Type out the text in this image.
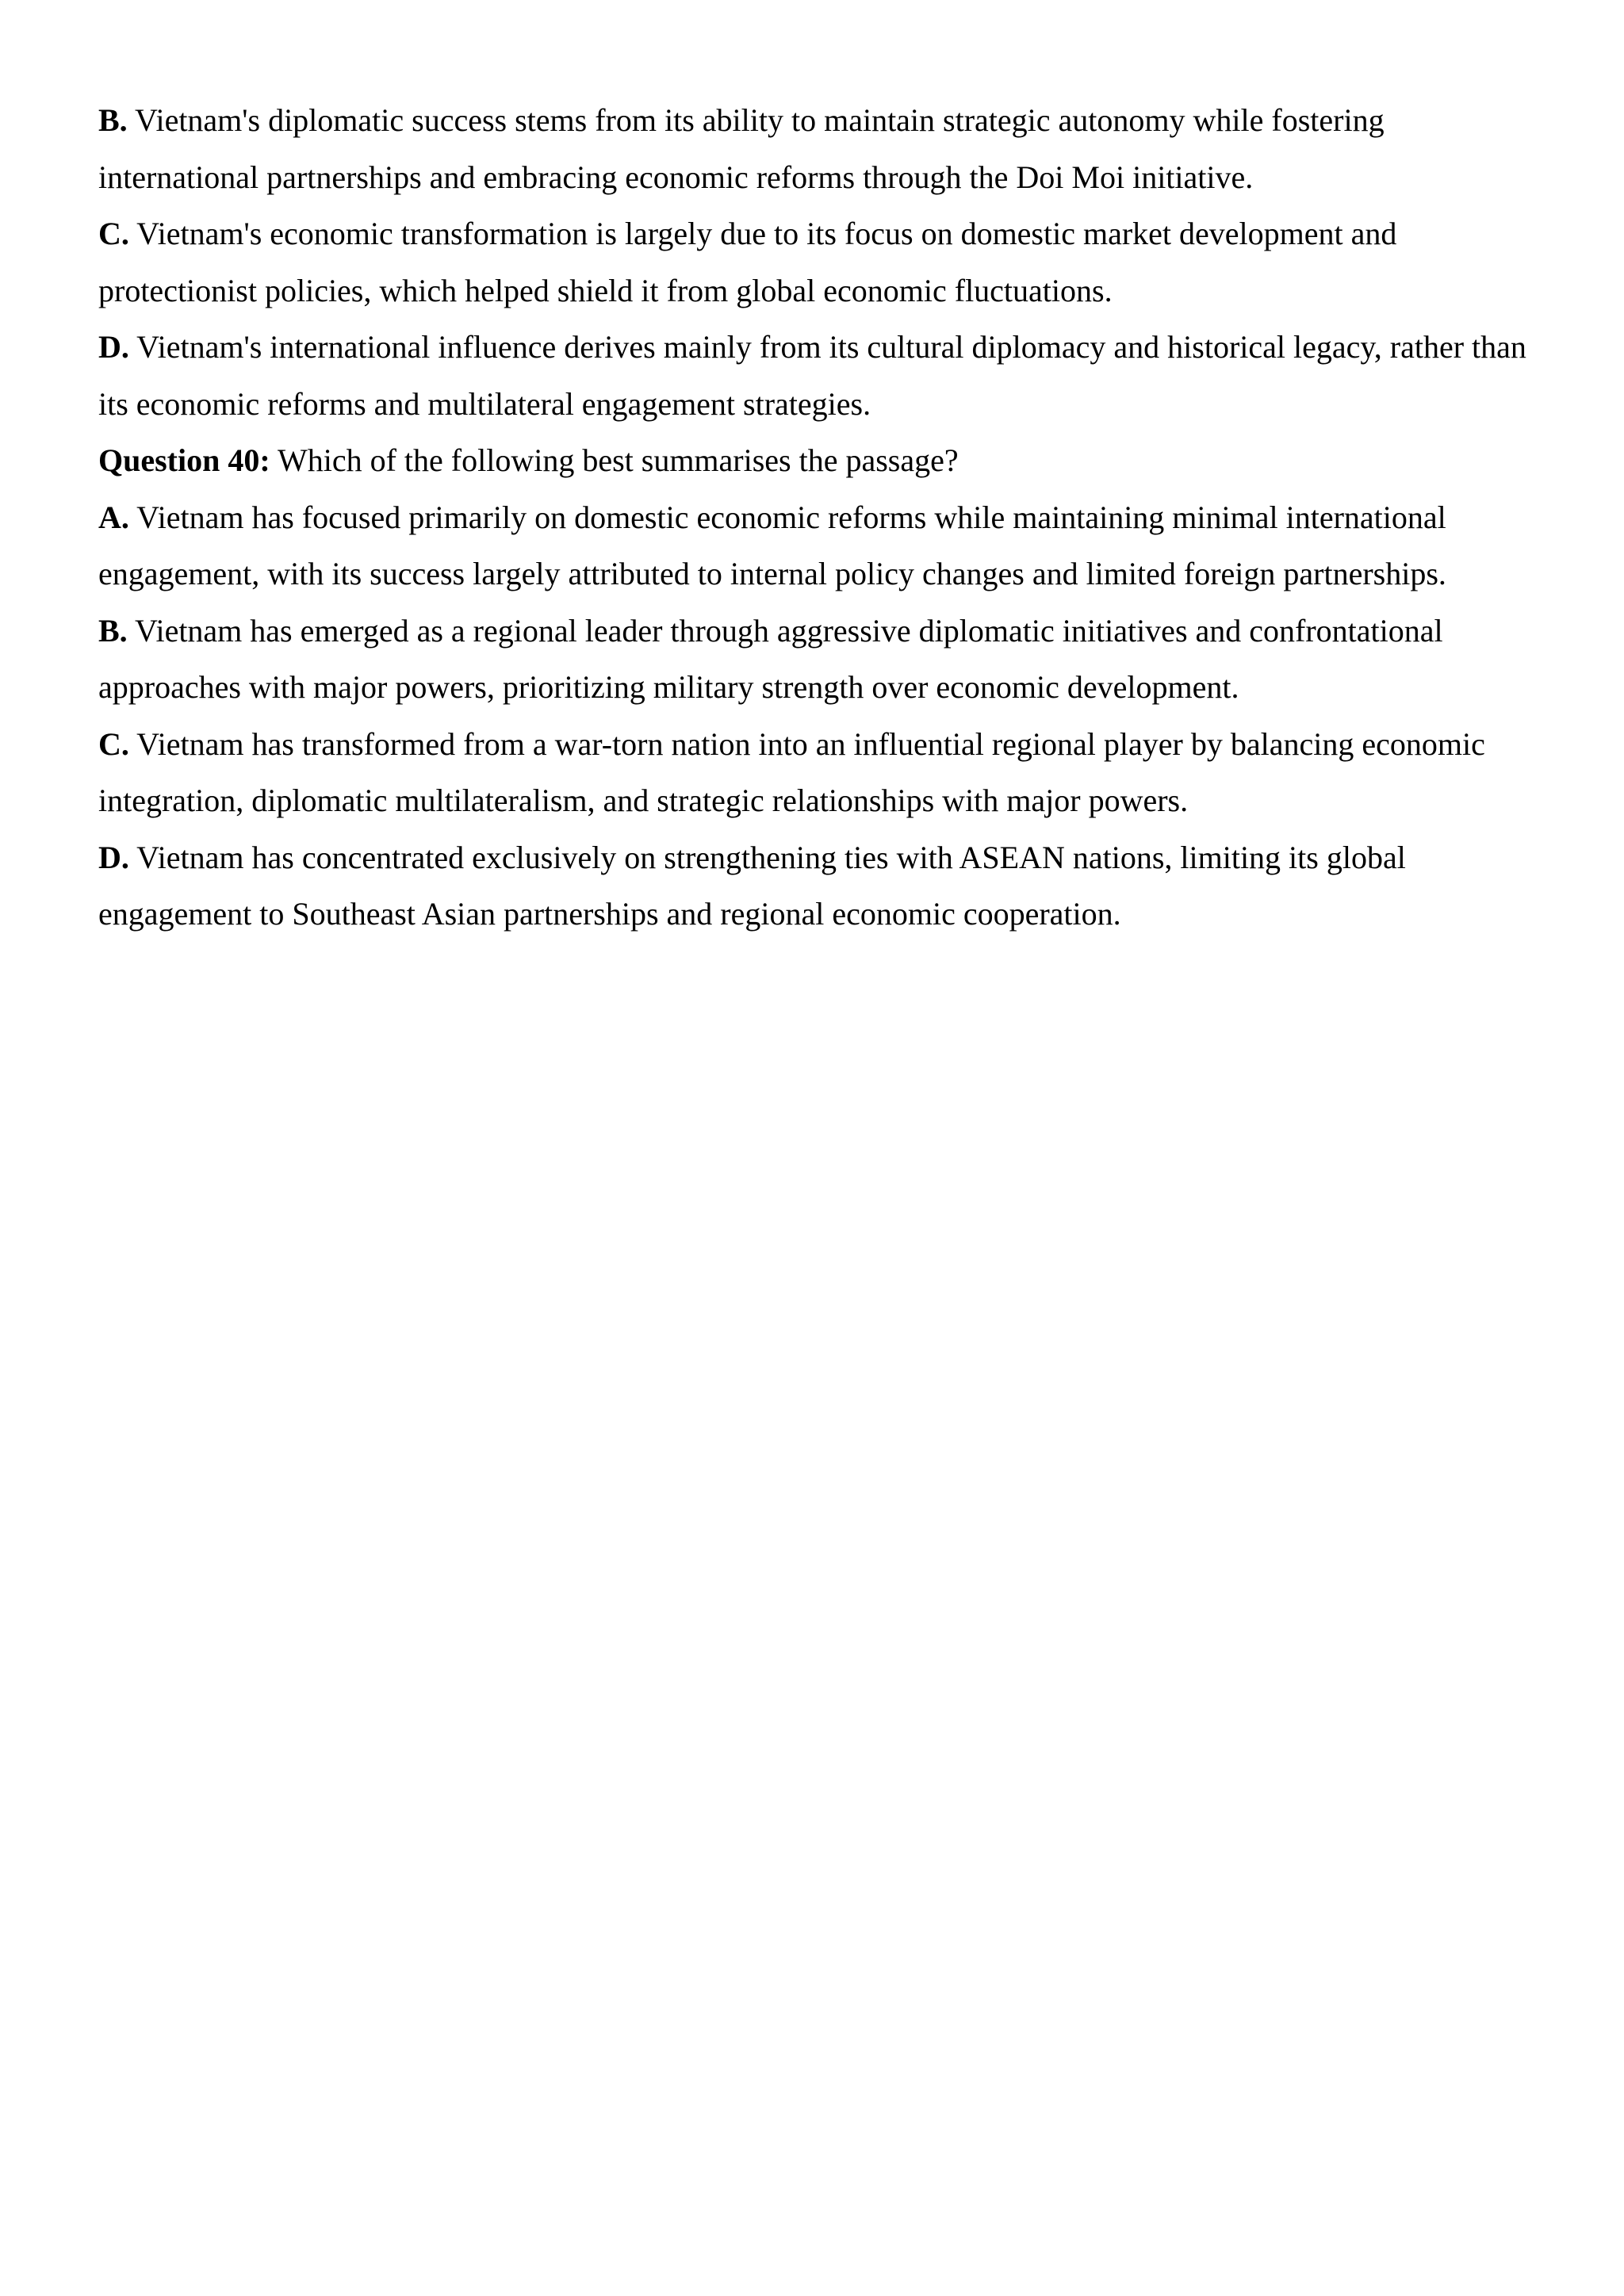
B. Vietnam's diplomatic success stems from its ability to maintain strategic autonomy while fostering international partnerships and embracing economic reforms through the Doi Moi initiative.

C. Vietnam's economic transformation is largely due to its focus on domestic market development and protectionist policies, which helped shield it from global economic fluctuations.

D. Vietnam's international influence derives mainly from its cultural diplomacy and historical legacy, rather than its economic reforms and multilateral engagement strategies.

Question 40: Which of the following best summarises the passage?

A. Vietnam has focused primarily on domestic economic reforms while maintaining minimal international engagement, with its success largely attributed to internal policy changes and limited foreign partnerships.

B. Vietnam has emerged as a regional leader through aggressive diplomatic initiatives and confrontational approaches with major powers, prioritizing military strength over economic development.

C. Vietnam has transformed from a war-torn nation into an influential regional player by balancing economic integration, diplomatic multilateralism, and strategic relationships with major powers.

D. Vietnam has concentrated exclusively on strengthening ties with ASEAN nations, limiting its global engagement to Southeast Asian partnerships and regional economic cooperation.
